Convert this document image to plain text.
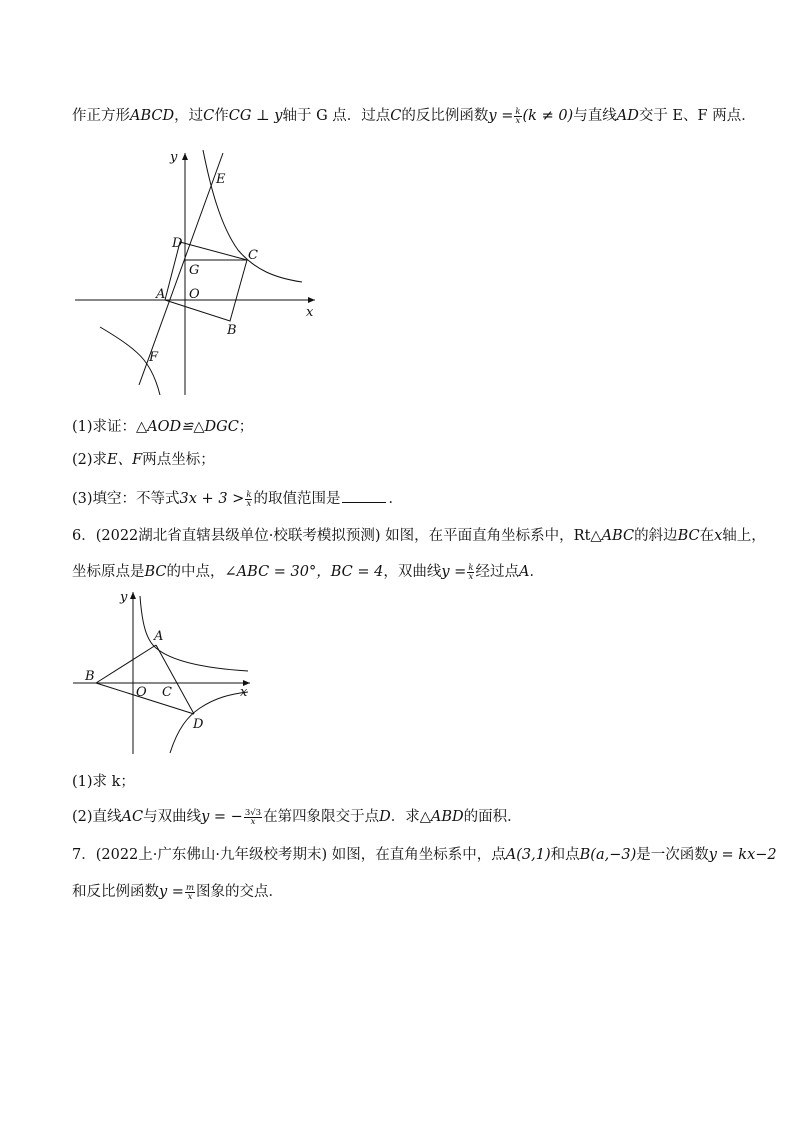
作正方形ABCD，过C作CG ⊥ y轴于 G 点．过点C的反比例函数$y = \frac{k}{x} (k \ne 0)$与直线AD交于 E、F 两点．
y
x
E
D
C
G
A O
B
F
(1)求证：△AOD≌△DGC；
(2)求E、F两点坐标；
(3)填空：不等式$3x + 3 > \frac{k}{x}$ 的取值范围是	．
6．(2022湖北省直辖县级单位·校联考模拟预测) 如图，在平面直角坐标系中，Rt△ABC的斜边BC在x轴上，
坐标原点是BC的中点，∠ABC = 30°，BC = 4，双曲线$y = \frac{k}{x}$ 经过点A．
y
x
A
B
O C
D
(1)求 k；
(2)直线AC与双曲线y = − $\frac{3√3}{x}$ 在第四象限交于点D．求△ABD的面积．
7．(2022上·广东佛山·九年级校考期末) 如图，在直角坐标系中，点A(3,1)和点B(a,−3)是一次函数y = kx−2
和反比例函数$y = \frac{m}{x}$ 图象的交点．
